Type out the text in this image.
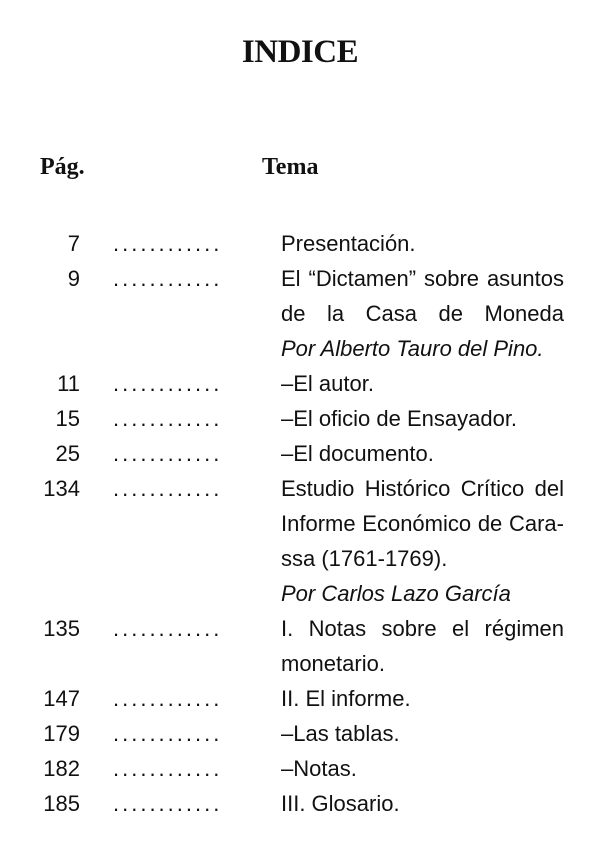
INDICE
Pág.	Tema
7 ............	Presentación.
9 ............	El “Dictamen” sobre asuntos
de la Casa de Moneda
Por Alberto Tauro del Pino.
11 ............	–El autor.
15 ............	–El oficio de Ensayador.
25 ............	–El documento.
134 ............	Estudio Histórico Crítico del
Informe Económico de Cara-
ssa (1761-1769).
Por Carlos Lazo García
135 ............	I. Notas sobre el régimen
monetario.
147 ............	II. El informe.
179 ............	–Las tablas.
182 ............	–Notas.
185 ............	III. Glosario.
